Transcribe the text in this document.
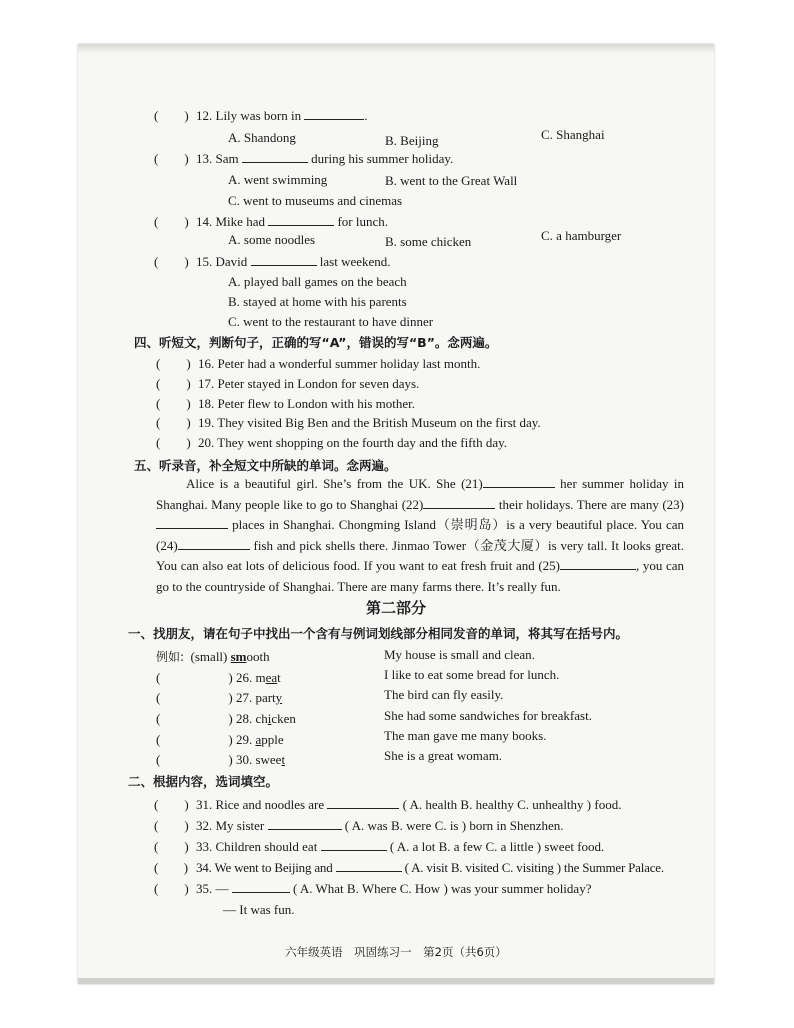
(　　) 12. Lily was born in	.
A. Shandong	B. Beijing	C. Shanghai
(　　) 13. Sam	during his summer holiday.
A. went swimming	B. went to the Great Wall
C. went to museums and cinemas
(　　) 14. Mike had	for lunch.
A. some noodles	B. some chicken	C. a hamburger
(　　) 15. David	last weekend.
A. played ball games on the beach
B. stayed at home with his parents
C. went to the restaurant to have dinner
四、听短文，判断句子，正确的写“A”，错误的写“B”。念两遍。
(　　) 16. Peter had a wonderful summer holiday last month.
(　　) 17. Peter stayed in London for seven days.
(　　) 18. Peter flew to London with his mother.
(　　) 19. They visited Big Ben and the British Museum on the first day.
(　　) 20. They went shopping on the fourth day and the fifth day.
五、听录音，补全短文中所缺的单词。念两遍。
Alice is a beautiful girl. She’s from the UK. She (21)	her summer holiday in Shanghai. Many people like to go to Shanghai (22)	their holidays. There are many (23)  places in Shanghai. Chongming Island（崇明岛）is a very beautiful place. You can (24)	fish and pick shells there. Jinmao Tower（金茂大厦）is very tall. It looks great. You can also eat lots of delicious food. If you want to eat fresh fruit and (25)	, you can go to the countryside of Shanghai. There are many farms there. It’s really fun.
第二部分
一、找朋友，请在句子中找出一个含有与例词划线部分相同发音的单词，将其写在括号内。
例如: (small) smooth	My house is small and clean.
(	) 26. meat	I like to eat some bread for lunch.
(	) 27. party	The bird can fly easily.
(	) 28. chicken	She had some sandwiches for breakfast.
(	) 29. apple	The man gave me many books.
(	) 30. sweet	She is a great womam.
二、根据内容，选词填空。
(　　) 31. Rice and noodles are	( A. health B. healthy C. unhealthy ) food.
(　　) 32. My sister	( A. was B. were C. is ) born in Shenzhen.
(　　) 33. Children should eat	( A. a lot B. a few C. a little ) sweet food.
(　　) 34. We went to Beijing and	( A. visit B. visited C. visiting ) the Summer Palace.
(　　) 35. —	( A. What B. Where C. How ) was your summer holiday?
— It was fun.
六年级英语　巩固练习一　第2页（共6页）
